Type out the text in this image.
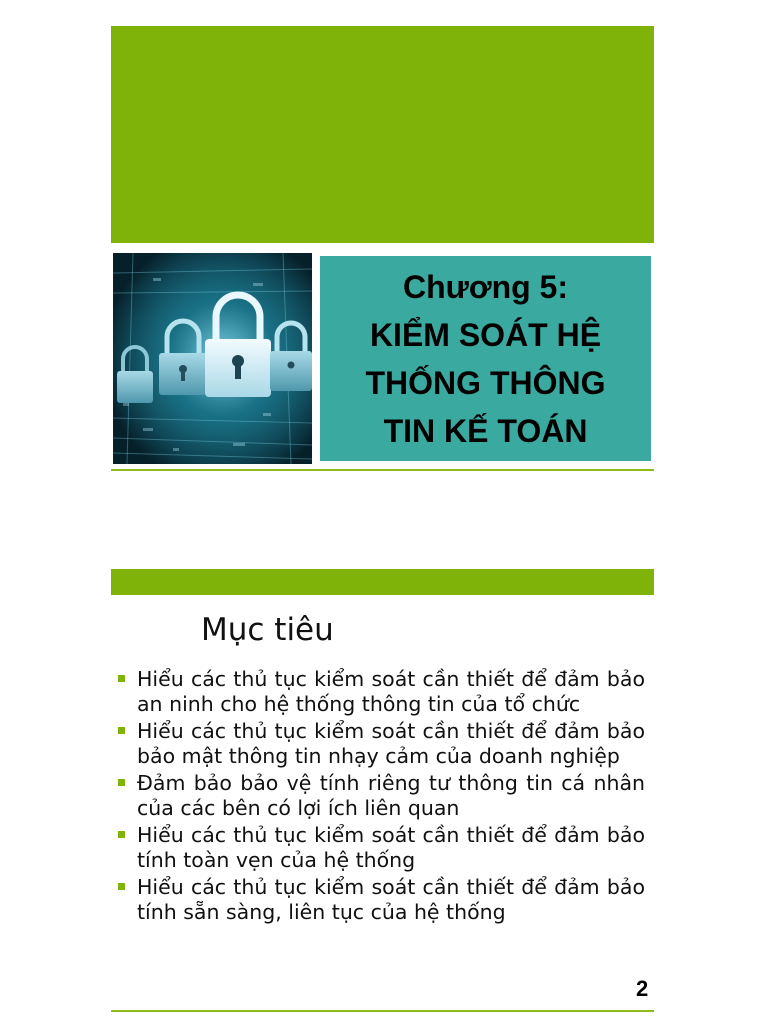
Chương 5:
KIỂM SOÁT HỆ
THỐNG THÔNG
TIN KẾ TOÁN
Mục tiêu
Hiểu các thủ tục kiểm soát cần thiết để đảm bảo an ninh cho hệ thống thông tin của tổ chức
Hiểu các thủ tục kiểm soát cần thiết để đảm bảo bảo mật thông tin nhạy cảm của doanh nghiệp
Đảm bảo bảo vệ tính riêng tư thông tin cá nhân của các bên có lợi ích liên quan
Hiểu các thủ tục kiểm soát cần thiết để đảm bảo tính toàn vẹn của hệ thống
Hiểu các thủ tục kiểm soát cần thiết để đảm bảo tính sẵn sàng, liên tục của hệ thống
2
